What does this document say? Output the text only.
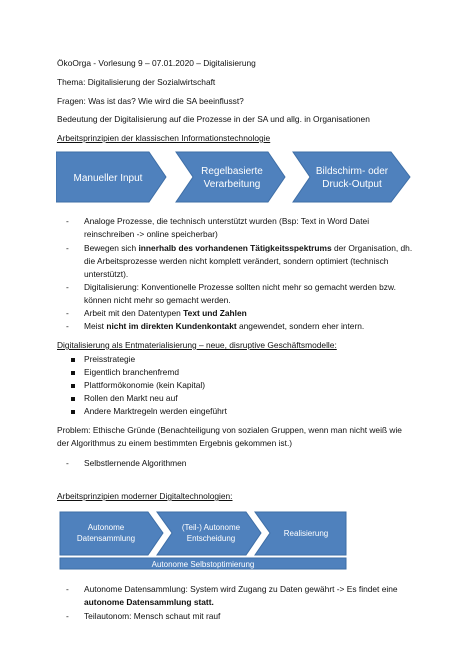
ÖkoOrga - Vorlesung 9 – 07.01.2020 – Digitalisierung
Thema: Digitalisierung der Sozialwirtschaft
Fragen: Was ist das? Wie wird die SA beeinflusst?
Bedeutung der Digitalisierung auf die Prozesse in der SA und allg. in Organisationen
Arbeitsprinzipien der klassischen Informationstechnologie
Manueller Input
Regelbasierte
Verarbeitung
Bildschirm- oder
Druck-Output
- Analoge Prozesse, die technisch unterstützt wurden (Bsp: Text in Word Datei
reinschreiben -> online speicherbar)
- Bewegen sich innerhalb des vorhandenen Tätigkeitsspektrums der Organisation, dh.
die Arbeitsprozesse werden nicht komplett verändert, sondern optimiert (technisch
unterstützt).
- Digitalisierung: Konventionelle Prozesse sollten nicht mehr so gemacht werden bzw.
können nicht mehr so gemacht werden.
- Arbeit mit den Datentypen Text und Zahlen
- Meist nicht im direkten Kundenkontakt angewendet, sondern eher intern.
Digitalisierung als Entmaterialisierung – neue, disruptive Geschäftsmodelle:
Preisstrategie
Eigentlich branchenfremd
Plattformökonomie (kein Kapital)
Rollen den Markt neu auf
Andere Marktregeln werden eingeführt
Problem: Ethische Gründe (Benachteiligung von sozialen Gruppen, wenn man nicht weiß wie
der Algorithmus zu einem bestimmten Ergebnis gekommen ist.)
- Selbstlernende Algorithmen
Arbeitsprinzipien moderner Digitaltechnologien:
Autonome
Datensammlung
(Teil-) Autonome
Entscheidung
Realisierung
Autonome Selbstoptimierung
- Autonome Datensammlung: System wird Zugang zu Daten gewährt -> Es findet eine
autonome Datensammlung statt.
- Teilautonom: Mensch schaut mit rauf
